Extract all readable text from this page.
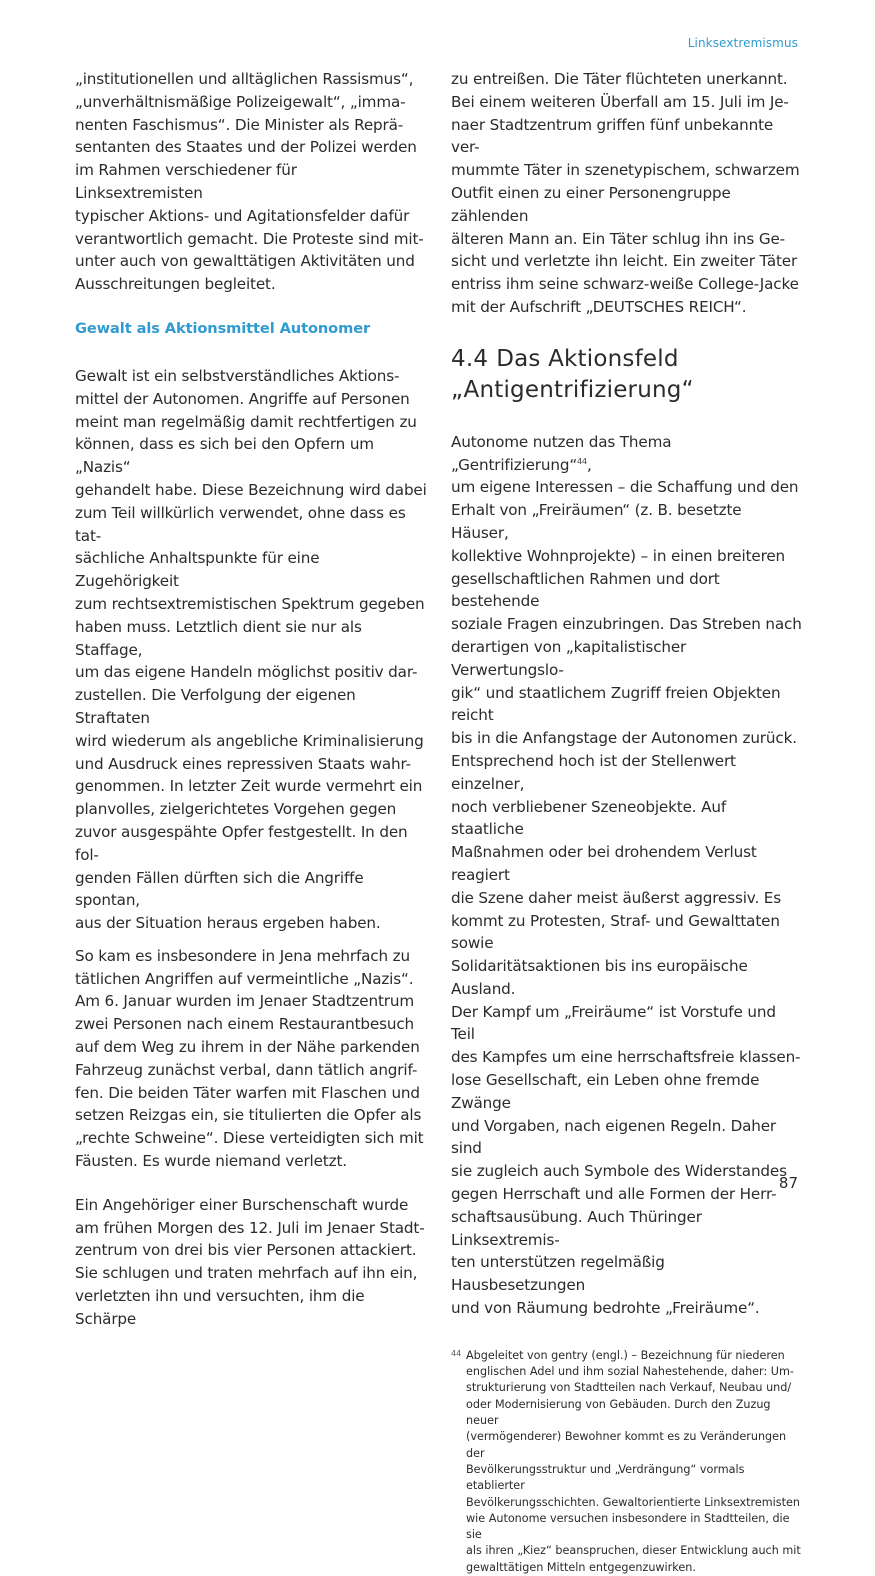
Linksextremismus

„institutionellen und alltäglichen Rassismus“,
„unverhältnismäßige Polizeigewalt“, „imma-
nenten Faschismus“. Die Minister als Reprä-
sentanten des Staates und der Polizei werden
im Rahmen verschiedener für Linksextremisten
typischer Aktions- und Agitationsfelder dafür
verantwortlich gemacht. Die Proteste sind mit-
unter auch von gewalttätigen Aktivitäten und
Ausschreitungen begleitet.

Gewalt als Aktionsmittel Autonomer

Gewalt ist ein selbstverständliches Aktions-
mittel der Autonomen. Angriffe auf Personen
meint man regelmäßig damit rechtfertigen zu
können, dass es sich bei den Opfern um „Nazis“
gehandelt habe. Diese Bezeichnung wird dabei
zum Teil willkürlich verwendet, ohne dass es tat-
sächliche Anhaltspunkte für eine Zugehörigkeit
zum rechtsextremistischen Spektrum gegeben
haben muss. Letztlich dient sie nur als Staffage,
um das eigene Handeln möglichst positiv dar-
zustellen. Die Verfolgung der eigenen Straftaten
wird wiederum als angebliche Kriminalisierung
und Ausdruck eines repressiven Staats wahr-
genommen. In letzter Zeit wurde vermehrt ein
planvolles, zielgerichtetes Vorgehen gegen
zuvor ausgespähte Opfer festgestellt. In den fol-
genden Fällen dürften sich die Angriffe spontan,
aus der Situation heraus ergeben haben.

So kam es insbesondere in Jena mehrfach zu
tätlichen Angriffen auf vermeintliche „Nazis“.
Am 6. Januar wurden im Jenaer Stadtzentrum
zwei Personen nach einem Restaurantbesuch
auf dem Weg zu ihrem in der Nähe parkenden
Fahrzeug zunächst verbal, dann tätlich angrif-
fen. Die beiden Täter warfen mit Flaschen und
setzen Reizgas ein, sie titulierten die Opfer als
„rechte Schweine“. Diese verteidigten sich mit
Fäusten. Es wurde niemand verletzt.

Ein Angehöriger einer Burschenschaft wurde
am frühen Morgen des 12. Juli im Jenaer Stadt-
zentrum von drei bis vier Personen attackiert.
Sie schlugen und traten mehrfach auf ihn ein,
verletzten ihn und versuchten, ihm die Schärpe

zu entreißen. Die Täter flüchteten unerkannt.
Bei einem weiteren Überfall am 15. Juli im Je-
naer Stadtzentrum griffen fünf unbekannte ver-
mummte Täter in szenetypischem, schwarzem
Outfit einen zu einer Personengruppe zählenden
älteren Mann an. Ein Täter schlug ihn ins Ge-
sicht und verletzte ihn leicht. Ein zweiter Täter
entriss ihm seine schwarz-weiße College-Jacke
mit der Aufschrift „DEUTSCHES REICH“.

4.4 Das Aktionsfeld
„Antigentrifizierung“

Autonome nutzen das Thema „Gentrifizierung“$^{44}$,
um eigene Interessen – die Schaffung und den
Erhalt von „Freiräumen“ (z. B. besetzte Häuser,
kollektive Wohnprojekte) – in einen breiteren
gesellschaftlichen Rahmen und dort bestehende
soziale Fragen einzubringen. Das Streben nach
derartigen von „kapitalistischer Verwertungslo-
gik“ und staatlichem Zugriff freien Objekten reicht
bis in die Anfangstage der Autonomen zurück.
Entsprechend hoch ist der Stellenwert einzelner,
noch verbliebener Szeneobjekte. Auf staatliche
Maßnahmen oder bei drohendem Verlust reagiert
die Szene daher meist äußerst aggressiv. Es
kommt zu Protesten, Straf- und Gewalttaten sowie
Solidaritätsaktionen bis ins europäische Ausland.
Der Kampf um „Freiräume“ ist Vorstufe und Teil
des Kampfes um eine herrschaftsfreie klassen-
lose Gesellschaft, ein Leben ohne fremde Zwänge
und Vorgaben, nach eigenen Regeln. Daher sind
sie zugleich auch Symbole des Widerstandes
gegen Herrschaft und alle Formen der Herr-
schaftsausübung. Auch Thüringer Linksextremis-
ten unterstützen regelmäßig Hausbesetzungen
und von Räumung bedrohte „Freiräume“.

44 Abgeleitet von gentry (engl.) – Bezeichnung für niederen
englischen Adel und ihm sozial Nahestehende, daher: Um-
strukturierung von Stadtteilen nach Verkauf, Neubau und/
oder Modernisierung von Gebäuden. Durch den Zuzug neuer
(vermögenderer) Bewohner kommt es zu Veränderungen der
Bevölkerungsstruktur und „Verdrängung“ vormals etablierter
Bevölkerungsschichten. Gewaltorientierte Linksextremisten
wie Autonome versuchen insbesondere in Stadtteilen, die sie
als ihren „Kiez“ beanspruchen, dieser Entwicklung auch mit
gewalttätigen Mitteln entgegenzuwirken.
87
